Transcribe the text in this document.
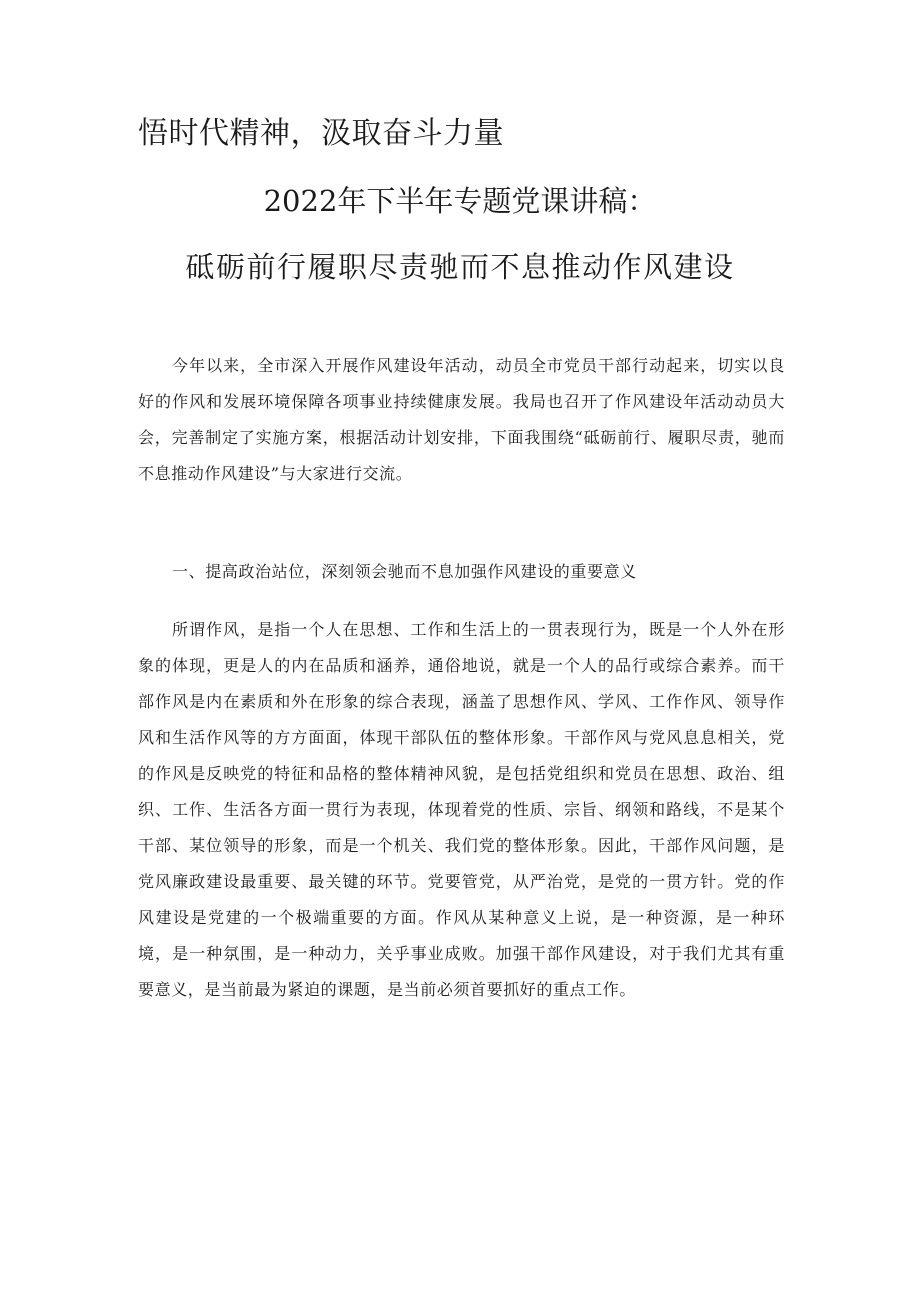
悟时代精神，汲取奋斗力量
2022年下半年专题党课讲稿：
砥砺前行履职尽责驰而不息推动作风建设

今年以来，全市深入开展作风建设年活动，动员全市党员干部行动起来，切实以良好的作风和发展环境保障各项事业持续健康发展。我局也召开了作风建设年活动动员大会，完善制定了实施方案，根据活动计划安排，下面我围绕“砥砺前行、履职尽责，驰而不息推动作风建设”与大家进行交流。

一、提高政治站位，深刻领会驰而不息加强作风建设的重要意义

所谓作风，是指一个人在思想、工作和生活上的一贯表现行为，既是一个人外在形象的体现，更是人的内在品质和涵养，通俗地说，就是一个人的品行或综合素养。而干部作风是内在素质和外在形象的综合表现，涵盖了思想作风、学风、工作作风、领导作风和生活作风等的方方面面，体现干部队伍的整体形象。干部作风与党风息息相关，党的作风是反映党的特征和品格的整体精神风貌，是包括党组织和党员在思想、政治、组织、工作、生活各方面一贯行为表现，体现着党的性质、宗旨、纲领和路线，不是某个干部、某位领导的形象，而是一个机关、我们党的整体形象。因此，干部作风问题，是党风廉政建设最重要、最关键的环节。党要管党，从严治党，是党的一贯方针。党的作风建设是党建的一个极端重要的方面。作风从某种意义上说，是一种资源，是一种环境，是一种氛围，是一种动力，关乎事业成败。加强干部作风建设，对于我们尤其有重要意义，是当前最为紧迫的课题，是当前必须首要抓好的重点工作。
